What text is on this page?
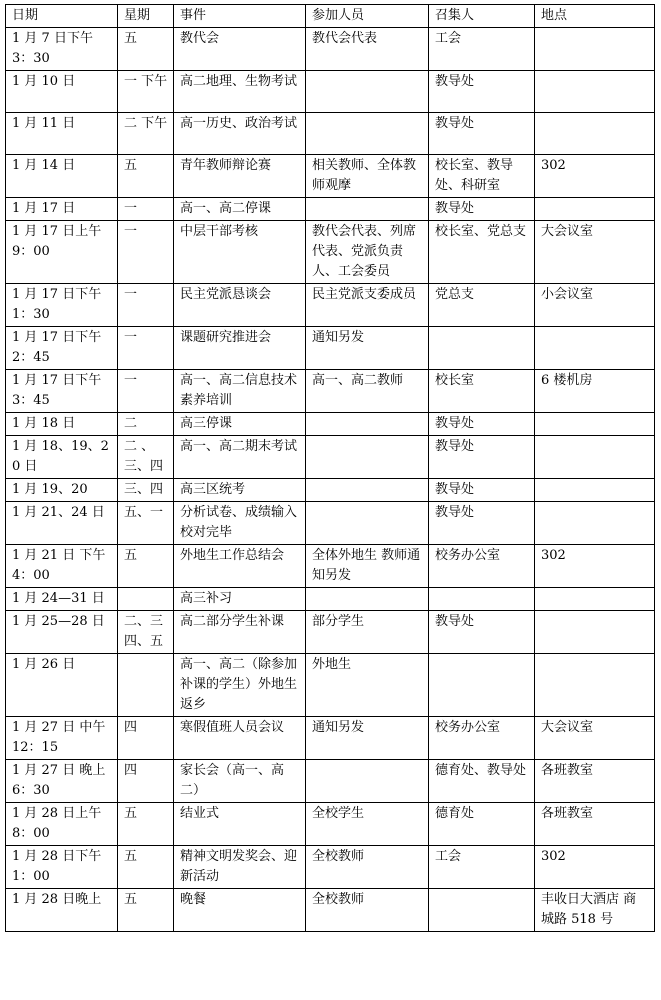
日期	星期	事件	参加人员	召集人	地点
1 月 7 日下午 3：30	五	教代会	教代会代表	工会	
1 月 10 日	一 下午	高二地理、生物考试		教导处	
1 月 11 日	二 下午	高一历史、政治考试		教导处	
1 月 14 日	五	青年教师辩论赛	相关教师、全体教师观摩	校长室、教导处、科研室	302
1 月 17 日	一	高一、高二停课		教导处	
1 月 17 日上午 9：00	一	中层干部考核	教代会代表、列席代表、党派负责人、工会委员	校长室、党总支	大会议室
1 月 17 日下午 1：30	一	民主党派恳谈会	民主党派支委成员	党总支	小会议室
1 月 17 日下午 2：45	一	课题研究推进会	通知另发		
1 月 17 日下午 3：45	一	高一、高二信息技术素养培训	高一、高二教师	校长室	6 楼机房
1 月 18 日	二	高三停课		教导处	
1 月 18、19、20 日	二 、 三、四	高一、高二期末考试		教导处	
1 月 19、20	三、四	高三区统考		教导处	
1 月 21、24 日	五、一	分析试卷、成绩输入校对完毕		教导处	
1 月 21 日 下午 4：00	五	外地生工作总结会	全体外地生 教师通知另发	校务办公室	302
1 月 24—31 日		高三补习			
1 月 25—28 日	二、三 四、五	高二部分学生补课	部分学生	教导处	
1 月 26 日		高一、高二（除参加补课的学生）外地生返乡	外地生		
1 月 27 日 中午 12：15	四	寒假值班人员会议	通知另发	校务办公室	大会议室
1 月 27 日 晚上 6：30	四	家长会（高一、高二）		德育处、教导处	各班教室
1 月 28 日上午 8：00	五	结业式	全校学生	德育处	各班教室
1 月 28 日下午 1：00	五	精神文明发奖会、迎新活动	全校教师	工会	302
1 月 28 日晚上	五	晚餐	全校教师		丰收日大酒店 商城路 518 号
